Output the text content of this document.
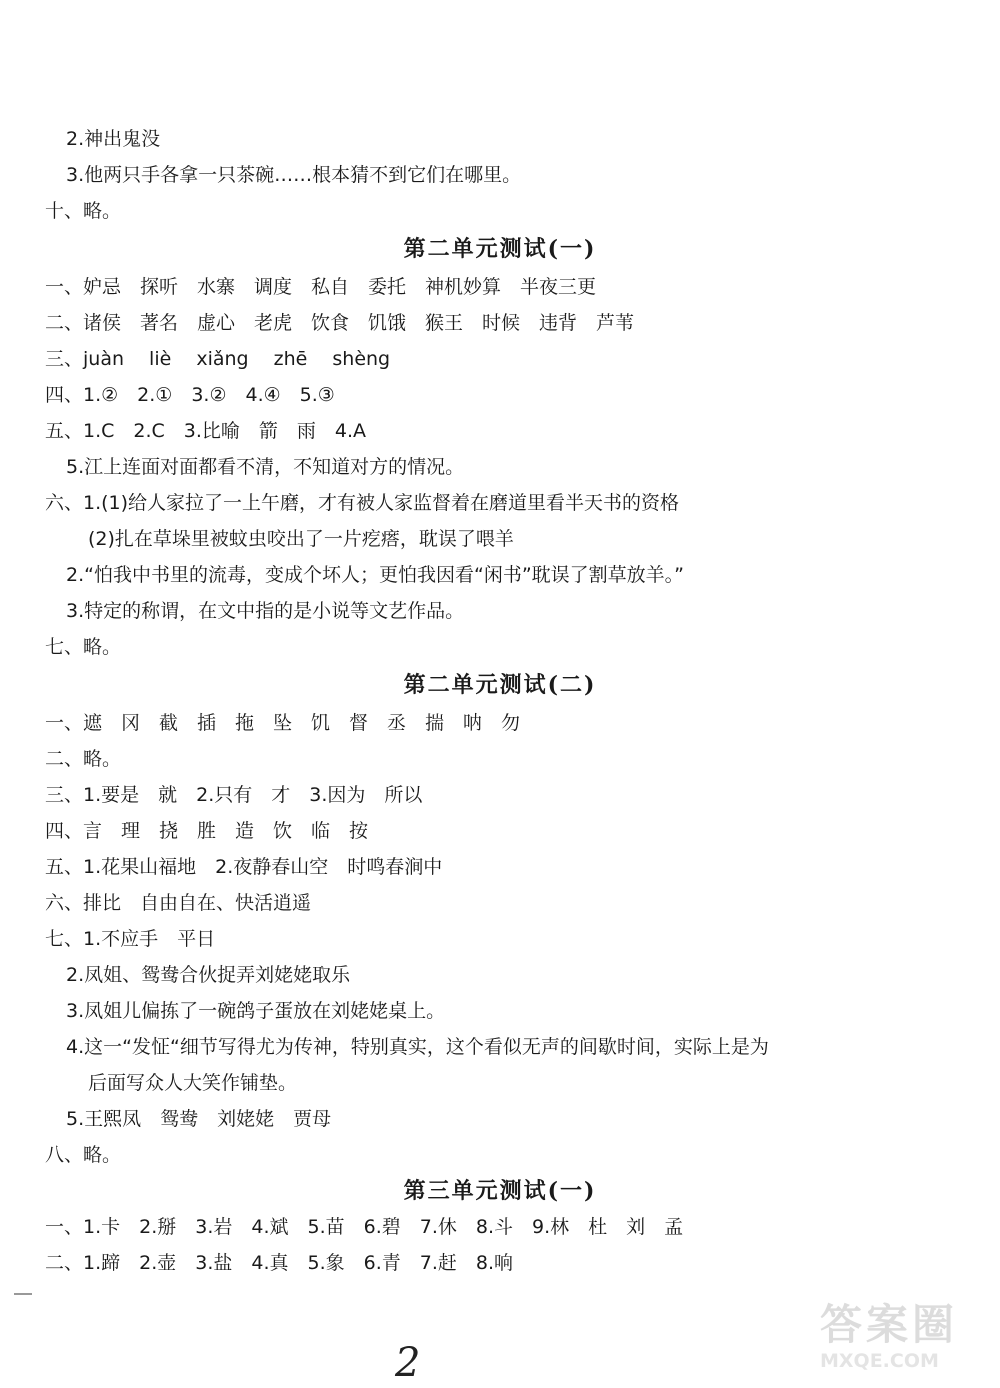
2.神出鬼没
3.他两只手各拿一只茶碗……根本猜不到它们在哪里。
十、略。
第二单元测试(一)
一、妒忌　探听　水寨　调度　私自　委托　神机妙算　半夜三更
二、诸侯　著名　虚心　老虎　饮食　饥饿　猴王　时候　违背　芦苇
三、juàn　 liè　 xiǎng　 zhē　 shèng
四、1.②　2.①　3.②　4.④　5.③
五、1.C　2.C　3.比喻　箭　雨　4.A
5.江上连面对面都看不清，不知道对方的情况。
六、1.(1)给人家拉了一上午磨，才有被人家监督着在磨道里看半天书的资格
(2)扎在草垛里被蚊虫咬出了一片疙瘩，耽误了喂羊
2.“怕我中书里的流毒，变成个坏人；更怕我因看“闲书”耽误了割草放羊。”
3.特定的称谓，在文中指的是小说等文艺作品。
七、略。
第二单元测试(二)
一、遮　冈　截　插　拖　坠　饥　督　丞　揣　呐　勿
二、略。
三、1.要是　就　2.只有　才　3.因为　所以
四、言　理　挠　胜　造　饮　临　按
五、1.花果山福地　2.夜静春山空　时鸣春涧中
六、排比　自由自在、快活逍遥
七、1.不应手　平日
2.凤姐、鸳鸯合伙捉弄刘姥姥取乐
3.凤姐儿偏拣了一碗鸽子蛋放在刘姥姥桌上。
4.这一“发怔“细节写得尤为传神，特别真实，这个看似无声的间歇时间，实际上是为
后面写众人大笑作铺垫。
5.王熙凤　鸳鸯　刘姥姥　贾母
八、略。
第三单元测试(一)
一、1.卡　2.掰　3.岩　4.斌　5.苗　6.碧　7.休　8.斗　9.林　杜　刘　孟
二、1.蹄　2.壶　3.盐　4.真　5.象　6.青　7.赶　8.响
2
答案圈
MXQE.COM
